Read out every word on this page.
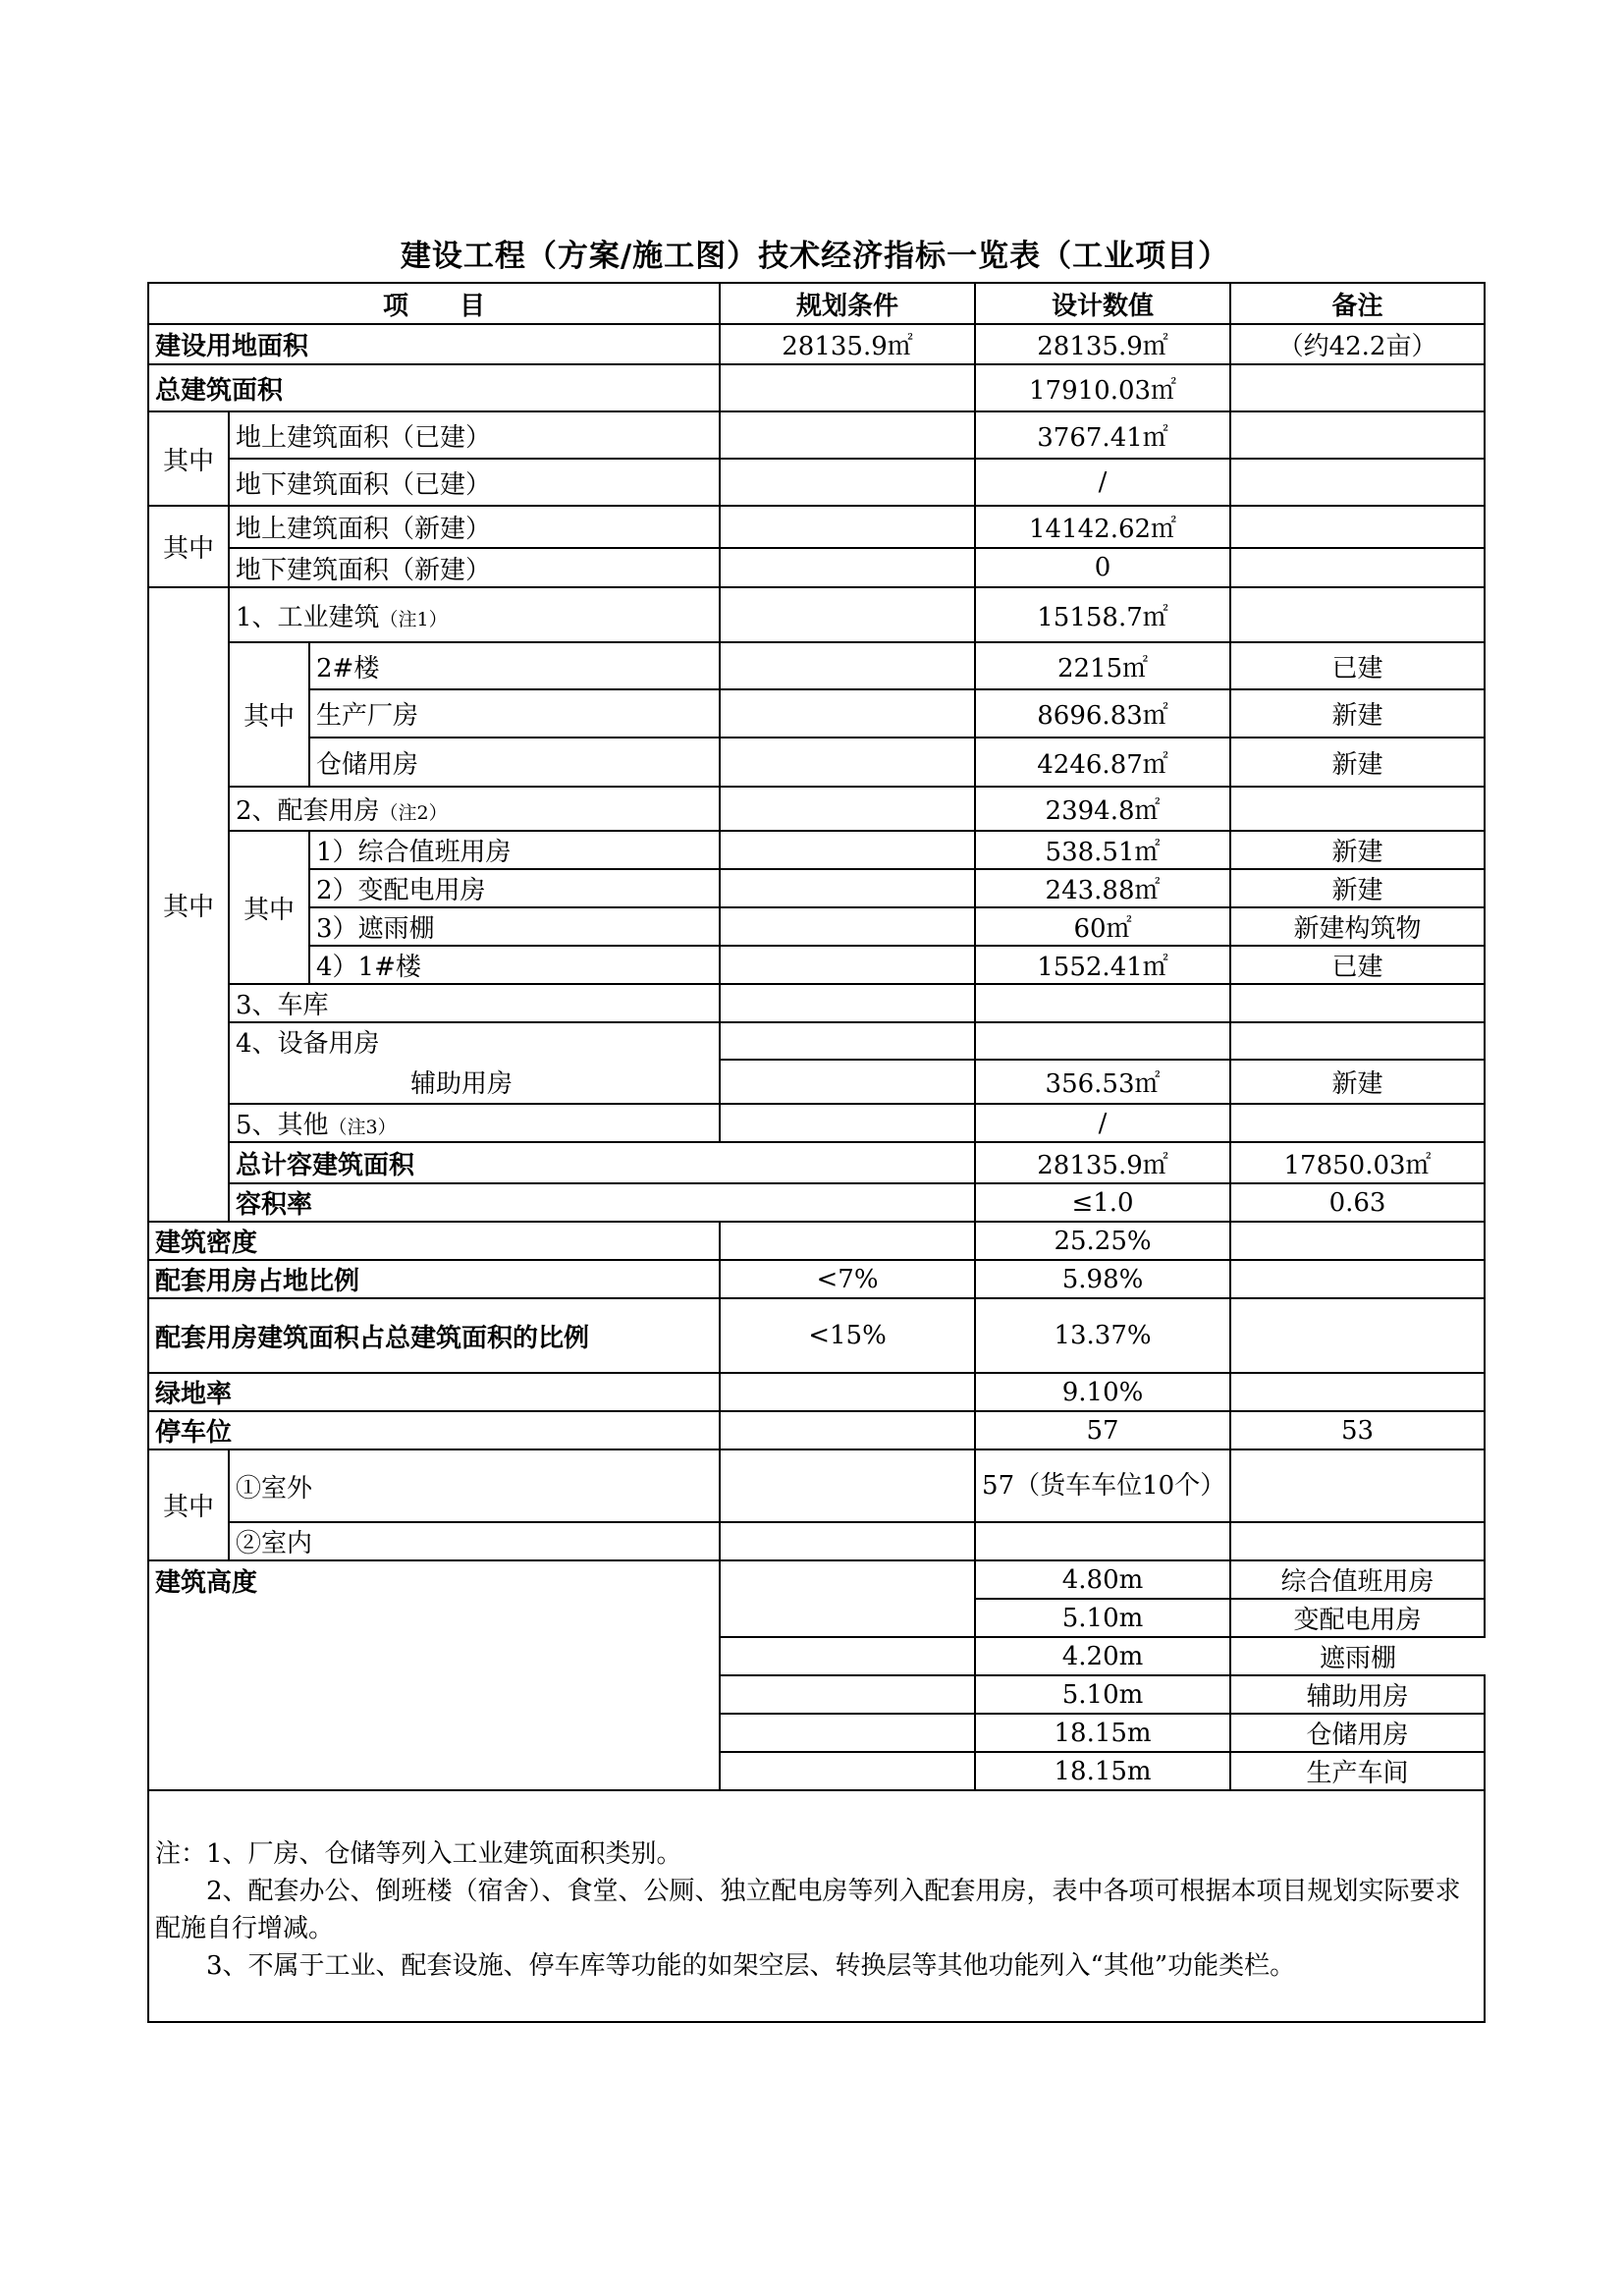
建设工程（方案/施工图）技术经济指标一览表（工业项目）
项　　目			规划条件	设计数值	备注	
建设用地面积			28135.9㎡	28135.9㎡	（约42.2亩）	
总建筑面积				17910.03㎡		
其中	地上建筑面积（已建）			3767.41㎡		
	地下建筑面积（已建）			/		
其中	地上建筑面积（新建）			14142.62㎡		
	地下建筑面积（新建）			0		
其中	1、工业建筑（注1）			15158.7㎡		
	其中	2#楼		2215㎡	已建	
		生产厂房		8696.83㎡	新建	
		仓储用房		4246.87㎡	新建	
	2、配套用房（注2）			2394.8㎡		
	其中	1）综合值班用房		538.51㎡	新建	
		2）变配电用房		243.88㎡	新建	
		3）遮雨棚		60㎡	新建构筑物	
		4）1#楼		1552.41㎡	已建	
	3、车库					
	4、设备用房					
	辅助用房			356.53㎡	新建	
	5、其他（注3）			/		
	总计容建筑面积			28135.9㎡	17850.03㎡	
	容积率			≤1.0	0.63	
建筑密度				25.25%		
配套用房占地比例			<7%	5.98%		
配套用房建筑面积占总建筑面积的比例			<15%	13.37%		
绿地率				9.10%		
停车位				57	53	
其中	①室外			57（货车车位10个）		
	②室内					
建筑高度				4.80m	综合值班用房	
				5.10m	变配电用房	
				4.20m	遮雨棚	
				5.10m	辅助用房	
				18.15m	仓储用房	
				18.15m	生产车间	

注：1、厂房、仓储等列入工业建筑面积类别。

2、配套办公、倒班楼（宿舍）、食堂、公厕、独立配电房等列入配套用房，表中各项可根据本项目规划实际要求配施自行增减。

3、不属于工业、配套设施、停车库等功能的如架空层、转换层等其他功能列入“其他”功能类栏。						
